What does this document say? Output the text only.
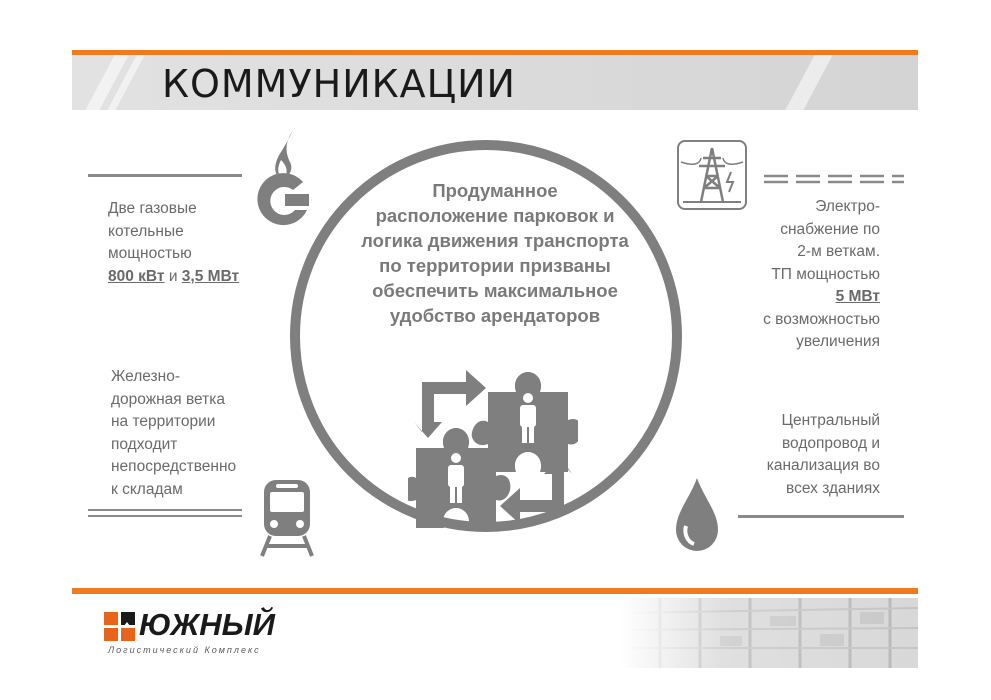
КОММУНИКАЦИИ
Две газовые
котельные
мощностью
800 кВт и 3,5 МВт
Железно-
дорожная ветка
на территории
подходит
непосредственно
к складам
Электро-
снабжение по
2-м веткам.
ТП мощностью
5 МВт
с возможностью
увеличения
Центральный
водопровод и
канализация во
всех зданиях
Продуманное
расположение парковок и
логика движения транспорта
по территории призваны
обеспечить максимальное
удобство арендаторов
ЮЖНЫЙ
Логистический Комплекс
